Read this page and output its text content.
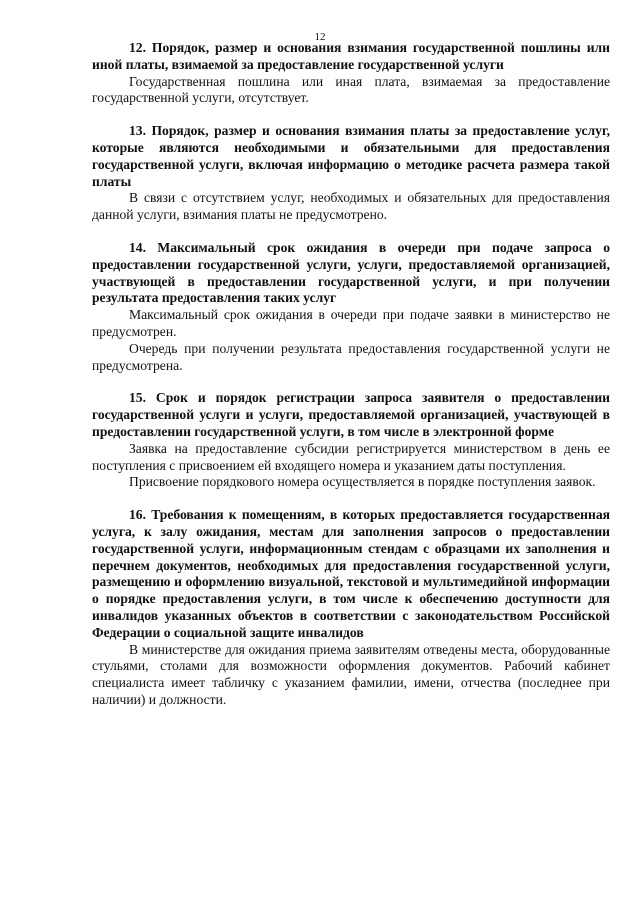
12

12. Порядок, размер и основания взимания государственной пошлины или иной платы, взимаемой за предоставление государственной услуги

Государственная пошлина или иная плата, взимаемая за предоставление государственной услуги, отсутствует.

13. Порядок, размер и основания взимания платы за предоставление услуг, которые являются необходимыми и обязательными для предоставления государственной услуги, включая информацию о методике расчета размера такой платы

В связи с отсутствием услуг, необходимых и обязательных для предоставления данной услуги, взимания платы не предусмотрено.

14. Максимальный срок ожидания в очереди при подаче запроса о предоставлении государственной услуги, услуги, предоставляемой организацией, участвующей в предоставлении государственной услуги, и при получении результата предоставления таких услуг

Максимальный срок ожидания в очереди при подаче заявки в министерство не предусмотрен.

Очередь при получении результата предоставления государственной услуги не предусмотрена.

15. Срок и порядок регистрации запроса заявителя о предоставлении государственной услуги и услуги, предоставляемой организацией, участвующей в предоставлении государственной услуги, в том числе в электронной форме

Заявка на предоставление субсидии регистрируется министерством в день ее поступления с присвоением ей входящего номера и указанием даты поступления.

Присвоение порядкового номера осуществляется в порядке поступления заявок.

16. Требования к помещениям, в которых предоставляется государственная услуга, к залу ожидания, местам для заполнения запросов о предоставлении государственной услуги, информационным стендам с образцами их заполнения и перечнем документов, необходимых для предоставления государственной услуги, размещению и оформлению визуальной, текстовой и мультимедийной информации о порядке предоставления услуги, в том числе к обеспечению доступности для инвалидов указанных объектов в соответствии с законодательством Российской Федерации о социальной защите инвалидов

В министерстве для ожидания приема заявителям отведены места, оборудованные стульями, столами для возможности оформления документов. Рабочий кабинет специалиста имеет табличку с указанием фамилии, имени, отчества (последнее при наличии) и должности.
